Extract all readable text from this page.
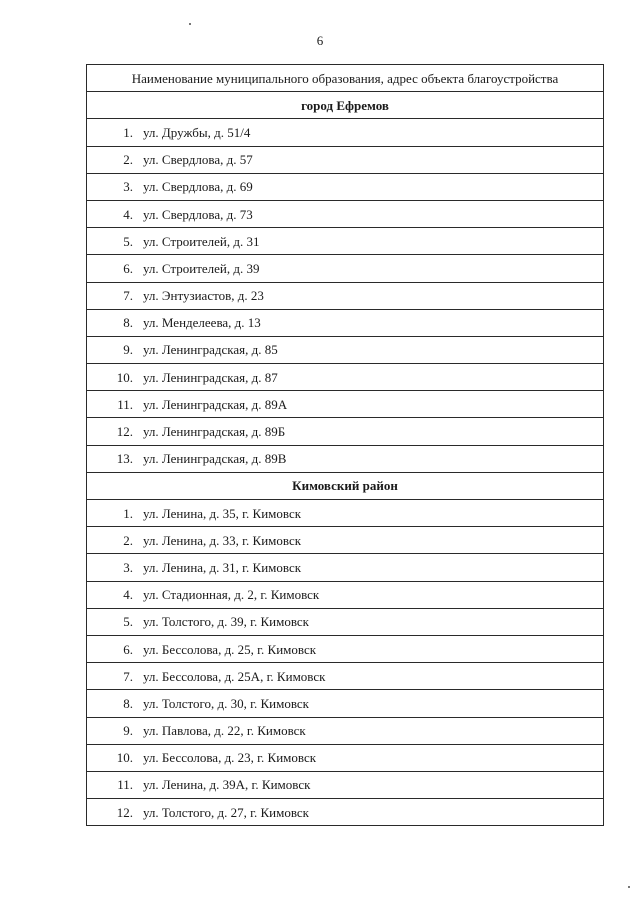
6
Наименование муниципального образования, адрес объекта благоустройства
город Ефремов
1. ул. Дружбы, д. 51/4
2. ул. Свердлова, д. 57
3. ул. Свердлова, д. 69
4. ул. Свердлова, д. 73
5. ул. Строителей, д. 31
6. ул. Строителей, д. 39
7. ул. Энтузиастов, д. 23
8. ул. Менделеева, д. 13
9. ул. Ленинградская, д. 85
10. ул. Ленинградская, д. 87
11. ул. Ленинградская, д. 89А
12. ул. Ленинградская, д. 89Б
13. ул. Ленинградская, д. 89В
Кимовский район
1. ул. Ленина, д. 35, г. Кимовск
2. ул. Ленина, д. 33, г. Кимовск
3. ул. Ленина, д. 31, г. Кимовск
4. ул. Стадионная, д. 2, г. Кимовск
5. ул. Толстого, д. 39, г. Кимовск
6. ул. Бессолова, д. 25, г. Кимовск
7. ул. Бессолова, д. 25А, г. Кимовск
8. ул. Толстого, д. 30, г. Кимовск
9. ул. Павлова, д. 22, г. Кимовск
10. ул. Бессолова, д. 23, г. Кимовск
11. ул. Ленина, д. 39А, г. Кимовск
12. ул. Толстого, д. 27, г. Кимовск
